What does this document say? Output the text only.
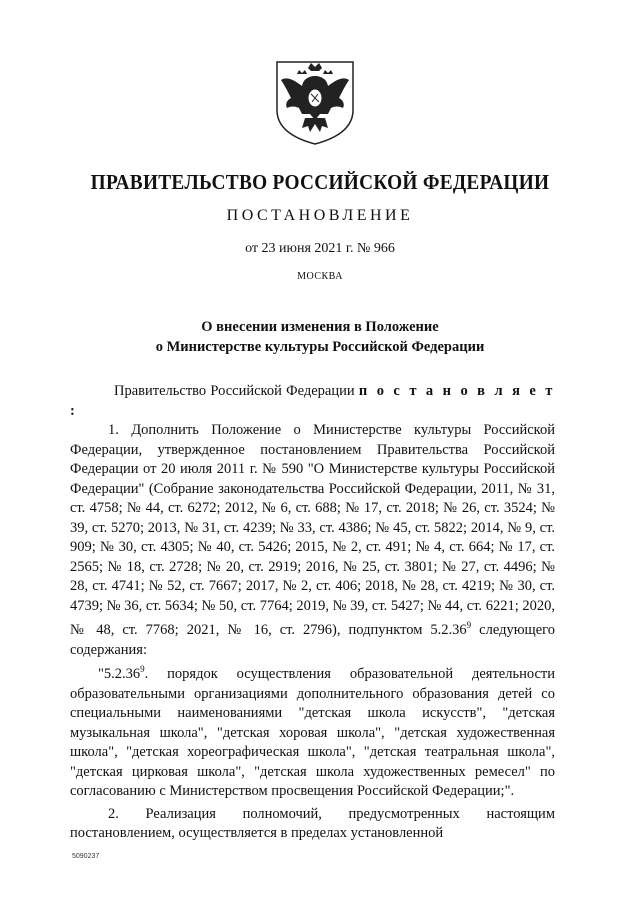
ПРАВИТЕЛЬСТВО РОССИЙСКОЙ ФЕДЕРАЦИИ
ПОСТАНОВЛЕНИЕ
от 23 июня 2021 г. № 966
МОСКВА
О внесении изменения в Положение
о Министерстве культуры Российской Федерации

Правительство Российской Федерации п о с т а н о в л я е т :

1. Дополнить Положение о Министерстве культуры Российской Федерации, утвержденное постановлением Правительства Российской Федерации от 20 июля 2011 г. № 590 "О Министерстве культуры Российской Федерации" (Собрание законодательства Российской Федерации, 2011, № 31, ст. 4758; № 44, ст. 6272; 2012, № 6, ст. 688; № 17, ст. 2018; № 26, ст. 3524; № 39, ст. 5270; 2013, № 31, ст. 4239; № 33, ст. 4386; № 45, ст. 5822; 2014, № 9, ст. 909; № 30, ст. 4305; № 40, ст. 5426; 2015, № 2, ст. 491; № 4, ст. 664; № 17, ст. 2565; № 18, ст. 2728; № 20, ст. 2919; 2016, № 25, ст. 3801; № 27, ст. 4496; № 28, ст. 4741; № 52, ст. 7667; 2017, № 2, ст. 406; 2018, № 28, ст. 4219; № 30, ст. 4739; № 36, ст. 5634; № 50, ст. 7764; 2019, № 39, ст. 5427; № 44, ст. 6221; 2020, № 48, ст. 7768; 2021, № 16, ст. 2796), подпунктом 5.2.36$^9$ следующего содержания:

"5.2.36$^9$. порядок осуществления образовательной деятельности образовательными организациями дополнительного образования детей со специальными наименованиями "детская школа искусств", "детская музыкальная школа", "детская хоровая школа", "детская художественная школа", "детская хореографическая школа", "детская театральная школа", "детская цирковая школа", "детская школа художественных ремесел" по согласованию с Министерством просвещения Российской Федерации;".

2. Реализация полномочий, предусмотренных настоящим постановлением, осуществляется в пределах установленной

5090237
